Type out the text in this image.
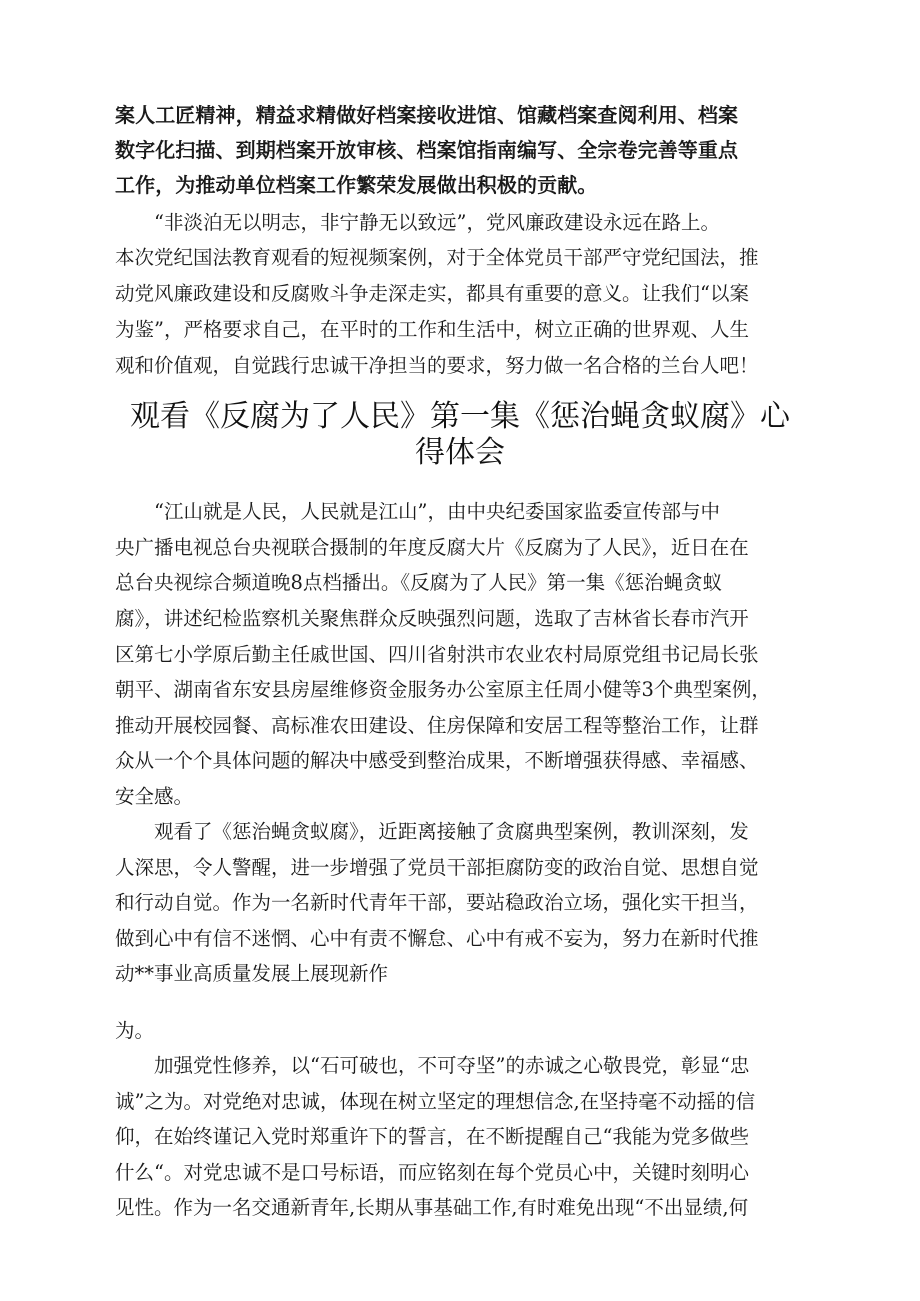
案人工匠精神，精益求精做好档案接收进馆、馆藏档案查阅利用、档案
数字化扫描、到期档案开放审核、档案馆指南编写、全宗卷完善等重点
工作，为推动单位档案工作繁荣发展做出积极的贡献。
　　“非淡泊无以明志，非宁静无以致远”，党风廉政建设永远在路上。
本次党纪国法教育观看的短视频案例，对于全体党员干部严守党纪国法，推
动党风廉政建设和反腐败斗争走深走实，都具有重要的意义。让我们“以案
为鉴”，严格要求自己，在平时的工作和生活中，树立正确的世界观、人生
观和价值观，自觉践行忠诚干净担当的要求，努力做一名合格的兰台人吧！
观看《反腐为了人民》第一集《惩治蝇贪蚁腐》心
得体会
　　“江山就是人民，人民就是江山”，由中央纪委国家监委宣传部与中
央广播电视总台央视联合摄制的年度反腐大片《反腐为了人民》，近日在在
总台央视综合频道晚8点档播出。《反腐为了人民》第一集《惩治蝇贪蚁
腐》，讲述纪检监察机关聚焦群众反映强烈问题，选取了吉林省长春市汽开
区第七小学原后勤主任戚世国、四川省射洪市农业农村局原党组书记局长张
朝平、湖南省东安县房屋维修资金服务办公室原主任周小健等3个典型案例，
推动开展校园餐、高标准农田建设、住房保障和安居工程等整治工作，让群
众从一个个具体问题的解决中感受到整治成果，不断增强获得感、幸福感、
安全感。
　　观看了《惩治蝇贪蚁腐》，近距离接触了贪腐典型案例，教训深刻，发
人深思，令人警醒，进一步增强了党员干部拒腐防变的政治自觉、思想自觉
和行动自觉。作为一名新时代青年干部，要站稳政治立场，强化实干担当，
做到心中有信不迷惘、心中有责不懈怠、心中有戒不妄为，努力在新时代推
动**事业高质量发展上展现新作
为。
　　加强党性修养，以“石可破也，不可夺坚”的赤诚之心敬畏党，彰显“忠
诚”之为。对党绝对忠诚，体现在树立坚定的理想信念,在坚持毫不动摇的信
仰，在始终谨记入党时郑重许下的誓言，在不断提醒自己“我能为党多做些
什么“。对党忠诚不是口号标语，而应铭刻在每个党员心中，关键时刻明心
见性。作为一名交通新青年,长期从事基础工作,有时难免出现“不出显绩,何
